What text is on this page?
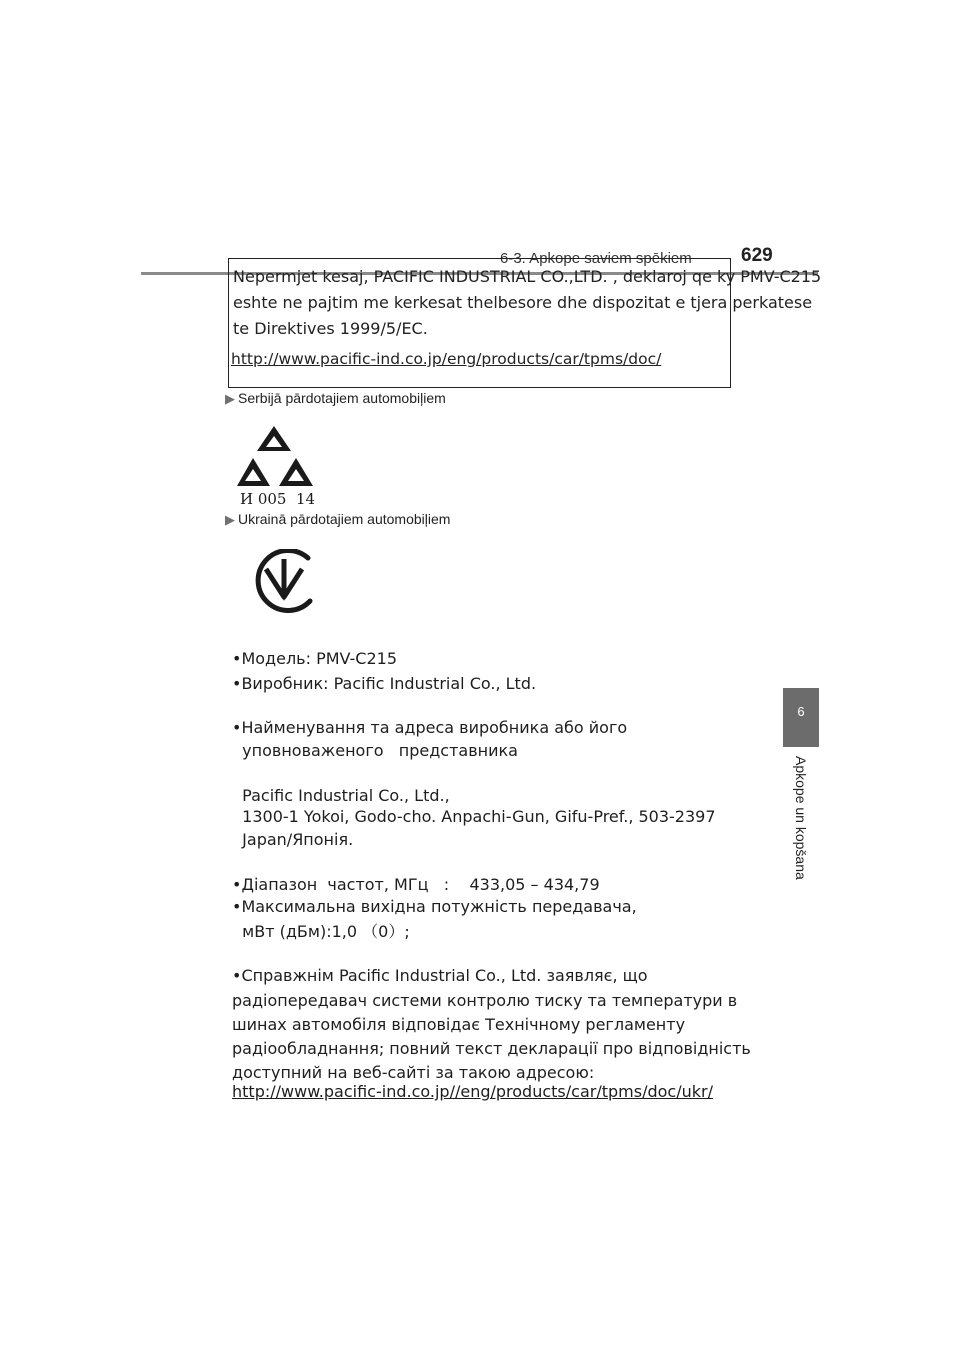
6-3. Apkope saviem spēkiem	629
6
Apkope un kopšana
Nepermjet kesaj, PACIFIC INDUSTRIAL CO.,LTD. , deklaroj qe ky PMV-C215
eshte ne pajtim me kerkesat thelbesore dhe dispozitat e tjera perkatese
te Direktives 1999/5/EC.
http://www.pacific-ind.co.jp/eng/products/car/tpms/doc/
▶ Serbijā pārdotajiem automobiļiem
И 005  14
▶ Ukrainā pārdotajiem automobiļiem
•Модель: PMV-C215
•Виробник: Pacific Industrial Co., Ltd.
•Найменування та адреса виробника або його
уповноваженого   представника
Pacific Industrial Co., Ltd.,
1300-1 Yokoi, Godo-cho. Anpachi-Gun, Gifu-Pref., 503-2397
Japan/Японія.
•Діапазон  частот, МГц   :    433,05 – 434,79
•Максимальна вихідна потужність передавача,
мВт (дБм):1,0 （0）;
•Справжнім Pacific Industrial Co., Ltd. заявляє, що
радіопередавач системи контролю тиску та температури в
шинах автомобіля відповідає Технічному регламенту
радіообладнання; повний текст декларації про відповідність
доступний на веб-сайті за такою адресою:
http://www.pacific-ind.co.jp//eng/products/car/tpms/doc/ukr/
